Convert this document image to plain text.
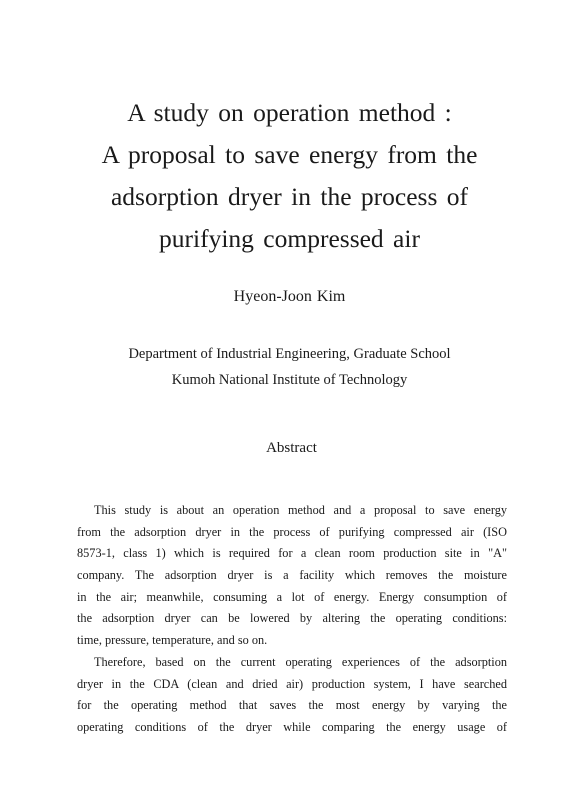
A study on operation method :
A proposal to save energy from the
adsorption dryer in the process of
purifying compressed air
Hyeon-Joon Kim
Department of Industrial Engineering, Graduate School
Kumoh National Institute of Technology
Abstract
This study is about an operation method and a proposal to save energy
from the adsorption dryer in the process of purifying compressed air (ISO
8573-1, class 1) which is required for a clean room production site in "A"
company. The adsorption dryer is a facility which removes the moisture
in the air; meanwhile, consuming a lot of energy. Energy consumption of
the adsorption dryer can be lowered by altering the operating conditions:
time, pressure, temperature, and so on.
Therefore, based on the current operating experiences of the adsorption
dryer in the CDA (clean and dried air) production system, I have searched
for the operating method that saves the most energy by varying the
operating conditions of the dryer while comparing the energy usage of
